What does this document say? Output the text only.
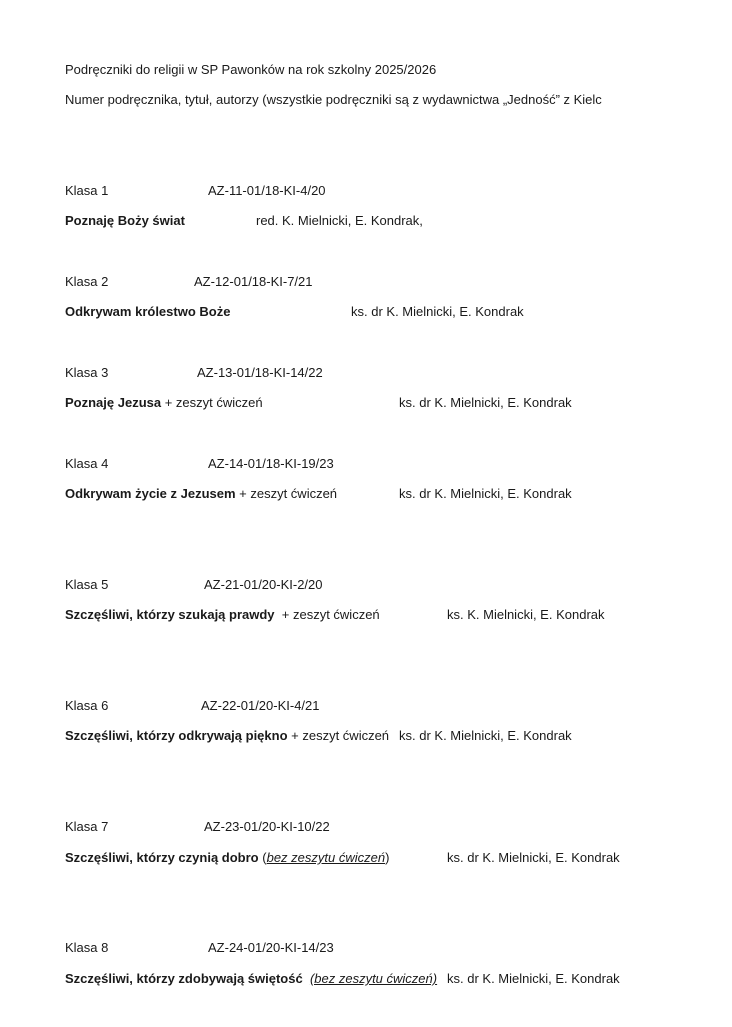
Podręczniki do religii w SP Pawonków na rok szkolny 2025/2026
Numer podręcznika, tytuł, autorzy (wszystkie podręczniki są z wydawnictwa „Jedność” z Kielc
Klasa 1	AZ-11-01/18-KI-4/20
Poznaję Boży świat	red. K. Mielnicki, E. Kondrak,
Klasa 2	AZ-12-01/18-KI-7/21
Odkrywam królestwo Boże	ks. dr K. Mielnicki, E. Kondrak
Klasa 3	AZ-13-01/18-KI-14/22
Poznaję Jezusa + zeszyt ćwiczeń	ks. dr K. Mielnicki, E. Kondrak
Klasa 4	AZ-14-01/18-KI-19/23
Odkrywam życie z Jezusem + zeszyt ćwiczeń	ks. dr K. Mielnicki, E. Kondrak
Klasa 5	AZ-21-01/20-KI-2/20
Szczęśliwi, którzy szukają prawdy  + zeszyt ćwiczeń	ks. K. Mielnicki, E. Kondrak
Klasa 6	AZ-22-01/20-KI-4/21
Szczęśliwi, którzy odkrywają piękno + zeszyt ćwiczeń ks. dr K. Mielnicki, E. Kondrak
Klasa 7	AZ-23-01/20-KI-10/22
Szczęśliwi, którzy czynią dobro (bez zeszytu ćwiczeń)	ks. dr K. Mielnicki, E. Kondrak
Klasa 8	AZ-24-01/20-KI-14/23
Szczęśliwi, którzy zdobywają świętość (bez zeszytu ćwiczeń) ks. dr K. Mielnicki, E. Kondrak
